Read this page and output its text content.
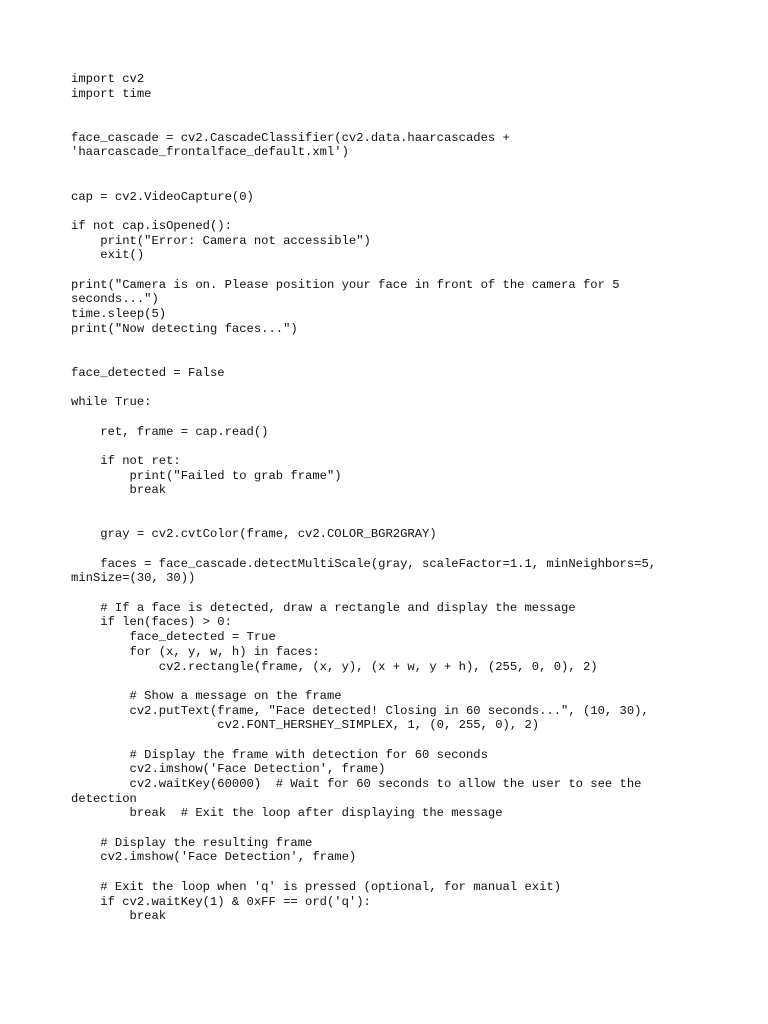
import cv2
import time
face_cascade = cv2.CascadeClassifier(cv2.data.haarcascades +
'haarcascade_frontalface_default.xml')
cap = cv2.VideoCapture(0)
if not cap.isOpened():
print("Error: Camera not accessible")
exit()
print("Camera is on. Please position your face in front of the camera for 5
seconds...")
time.sleep(5)
print("Now detecting faces...")
face_detected = False
while True:
ret, frame = cap.read()
if not ret:
print("Failed to grab frame")
break
gray = cv2.cvtColor(frame, cv2.COLOR_BGR2GRAY)
faces = face_cascade.detectMultiScale(gray, scaleFactor=1.1, minNeighbors=5,
minSize=(30, 30))
# If a face is detected, draw a rectangle and display the message
if len(faces) > 0:
face_detected = True
for (x, y, w, h) in faces:
cv2.rectangle(frame, (x, y), (x + w, y + h), (255, 0, 0), 2)
# Show a message on the frame
cv2.putText(frame, "Face detected! Closing in 60 seconds...", (10, 30),
cv2.FONT_HERSHEY_SIMPLEX, 1, (0, 255, 0), 2)
# Display the frame with detection for 60 seconds
cv2.imshow('Face Detection', frame)
cv2.waitKey(60000)  # Wait for 60 seconds to allow the user to see the
detection
break  # Exit the loop after displaying the message
# Display the resulting frame
cv2.imshow('Face Detection', frame)
# Exit the loop when 'q' is pressed (optional, for manual exit)
if cv2.waitKey(1) & 0xFF == ord('q'):
break
